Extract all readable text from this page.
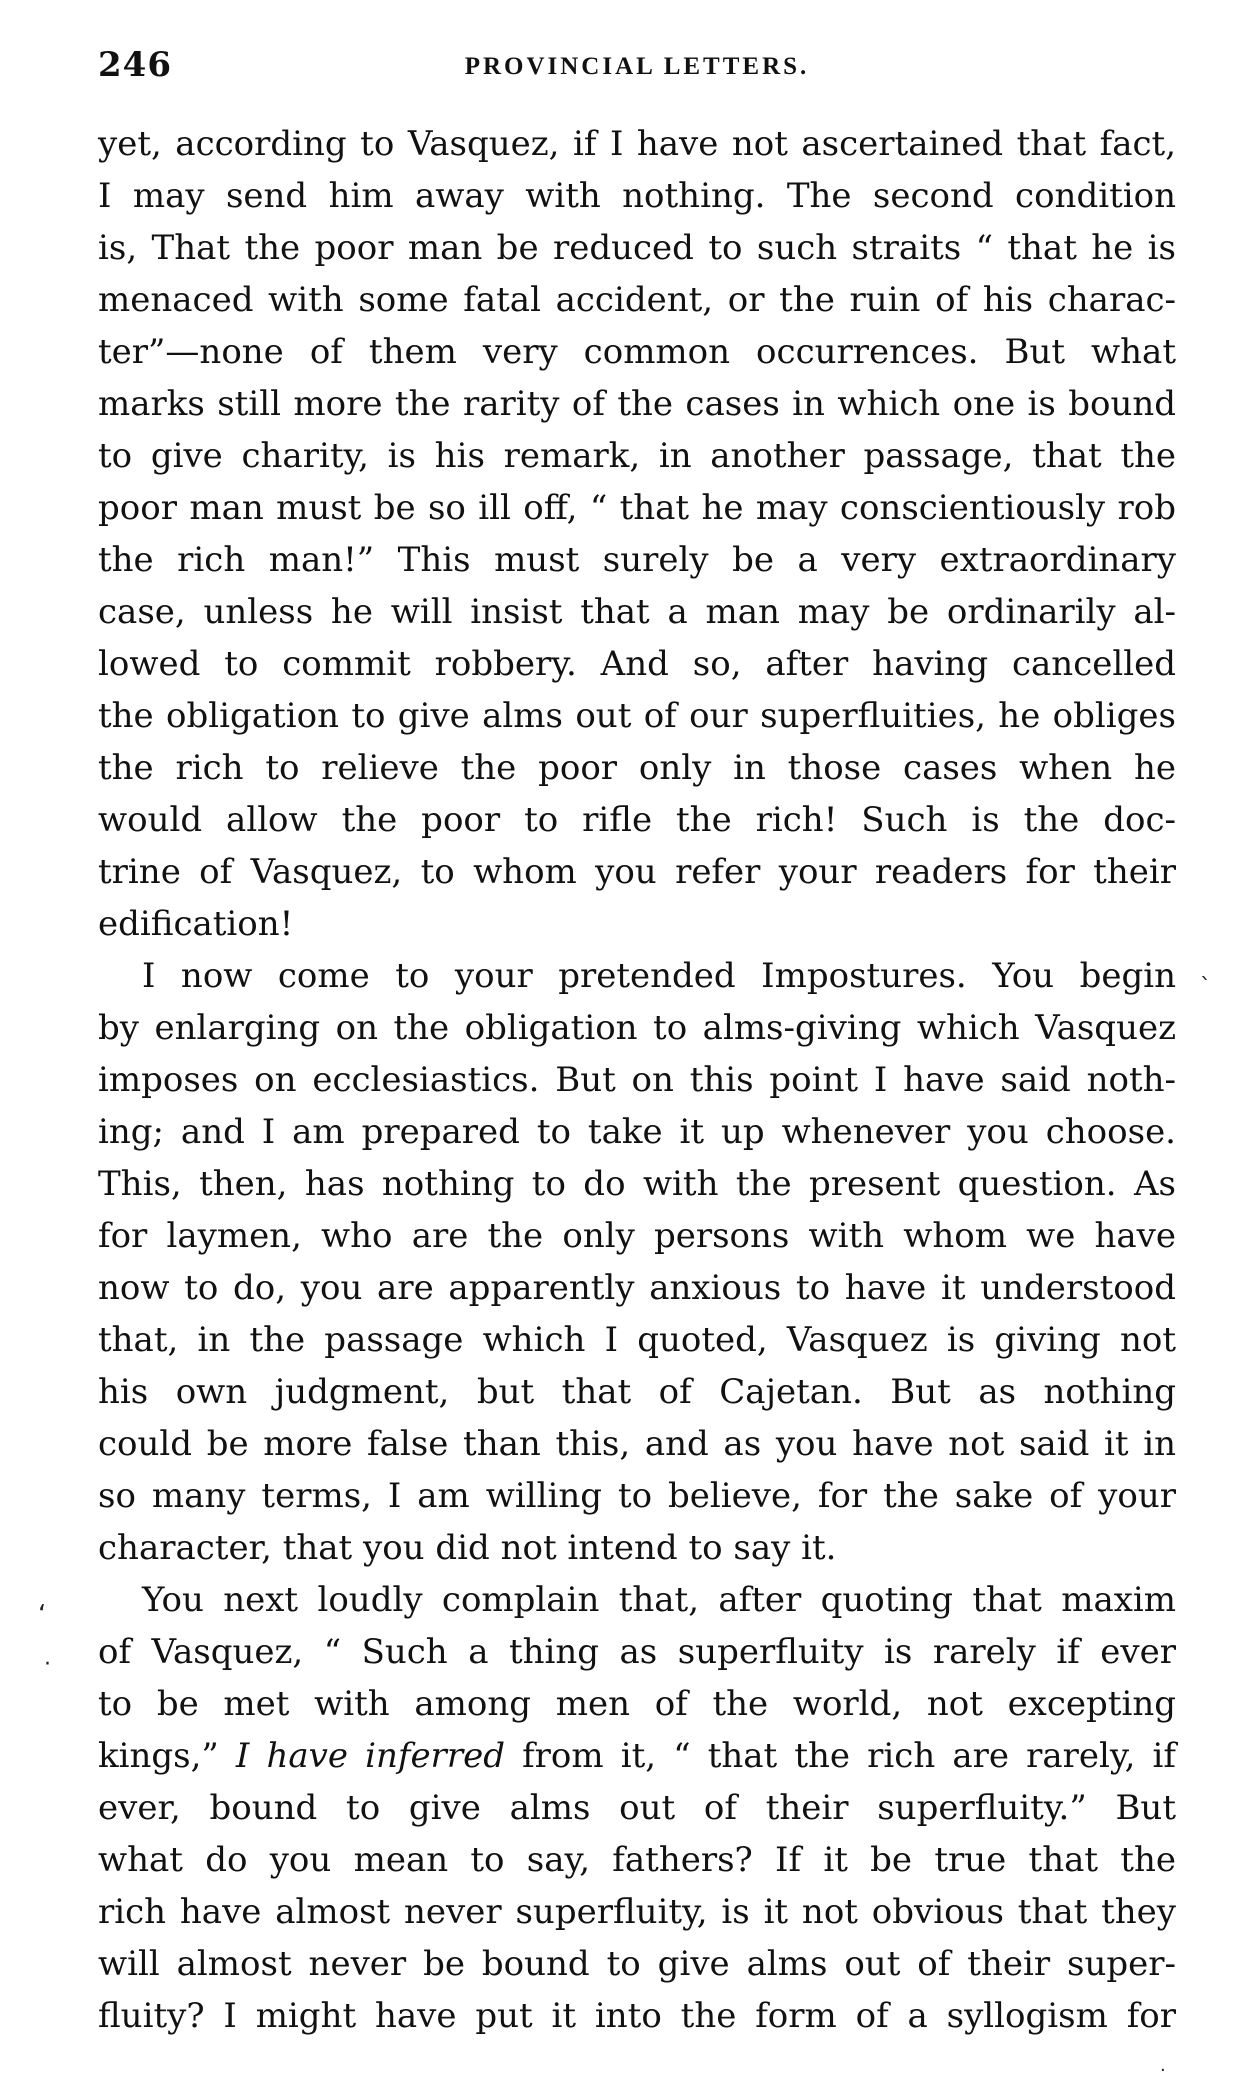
246	PROVINCIAL LETTERS.
yet, according to Vasquez, if I have not ascertained that fact,
I may send him away with nothing. The second condition
is, That the poor man be reduced to such straits “ that he is
menaced with some fatal accident, or the ruin of his charac-
ter”—none of them very common occurrences. But what
marks still more the rarity of the cases in which one is bound
to give charity, is his remark, in another passage, that the
poor man must be so ill off, “ that he may conscientiously rob
the rich man!” This must surely be a very extraordinary
case, unless he will insist that a man may be ordinarily al-
lowed to commit robbery. And so, after having cancelled
the obligation to give alms out of our superfluities, he obliges
the rich to relieve the poor only in those cases when he
would allow the poor to rifle the rich! Such is the doc-
trine of Vasquez, to whom you refer your readers for their
edification!
I now come to your pretended Impostures. You begin
by enlarging on the obligation to alms-giving which Vasquez
imposes on ecclesiastics. But on this point I have said noth-
ing; and I am prepared to take it up whenever you choose.
This, then, has nothing to do with the present question. As
for laymen, who are the only persons with whom we have
now to do, you are apparently anxious to have it understood
that, in the passage which I quoted, Vasquez is giving not
his own judgment, but that of Cajetan. But as nothing
could be more false than this, and as you have not said it in
so many terms, I am willing to believe, for the sake of your
character, that you did not intend to say it.
You next loudly complain that, after quoting that maxim
of Vasquez, “ Such a thing as superfluity is rarely if ever
to be met with among men of the world, not excepting
kings,” I have inferred from it, “ that the rich are rarely, if
ever, bound to give alms out of their superfluity.” But
what do you mean to say, fathers? If it be true that the
rich have almost never superfluity, is it not obvious that they
will almost never be bound to give alms out of their super-
fluity? I might have put it into the form of a syllogism for
`
‘
·
·
